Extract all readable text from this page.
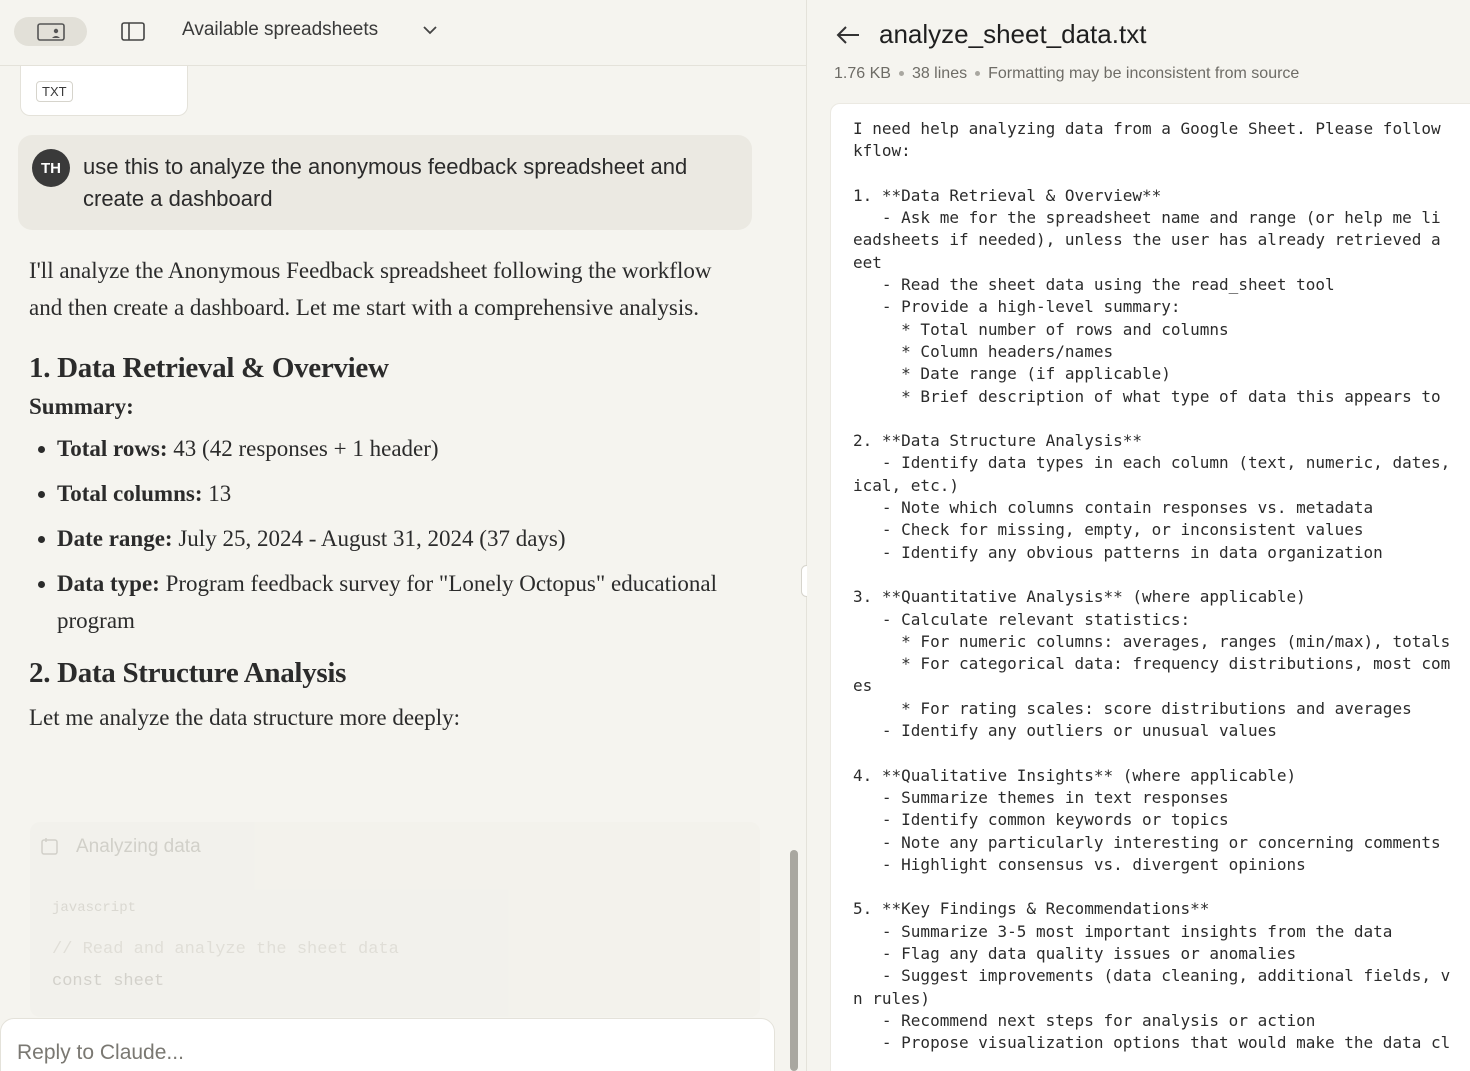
Available spreadsheets
TXT
TH	use this to analyze the anonymous feedback spreadsheet and create a dashboard

I'll analyze the Anonymous Feedback spreadsheet following the workflow and then create a dashboard. Let me start with a comprehensive analysis.

1. Data Retrieval & Overview
Summary:
Total rows: 43 (42 responses + 1 header)
Total columns: 13
Date range: July 25, 2024 - August 31, 2024 (37 days)
Data type: Program feedback survey for "Lonely Octopus" educational program
2. Data Structure Analysis

Let me analyze the data structure more deeply:

Analyzing data
javascript
// Read and analyze the sheet data
const sheet
Reply to Claude...
analyze_sheet_data.txt
1.76 KB 38 lines Formatting may be inconsistent from source
I need help analyzing data from a Google Sheet. Please follow
kflow:

1. **Data Retrieval & Overview**
- Ask me for the spreadsheet name and range (or help me li
eadsheets if needed), unless the user has already retrieved a
eet
- Read the sheet data using the read_sheet tool
- Provide a high-level summary:
* Total number of rows and columns
* Column headers/names
* Date range (if applicable)
* Brief description of what type of data this appears to

2. **Data Structure Analysis**
- Identify data types in each column (text, numeric, dates,
ical, etc.)
- Note which columns contain responses vs. metadata
- Check for missing, empty, or inconsistent values
- Identify any obvious patterns in data organization

3. **Quantitative Analysis** (where applicable)
- Calculate relevant statistics:
* For numeric columns: averages, ranges (min/max), totals
* For categorical data: frequency distributions, most com
es
* For rating scales: score distributions and averages
- Identify any outliers or unusual values

4. **Qualitative Insights** (where applicable)
- Summarize themes in text responses
- Identify common keywords or topics
- Note any particularly interesting or concerning comments
- Highlight consensus vs. divergent opinions

5. **Key Findings & Recommendations**
- Summarize 3-5 most important insights from the data
- Flag any data quality issues or anomalies
- Suggest improvements (data cleaning, additional fields, v
n rules)
- Recommend next steps for analysis or action
- Propose visualization options that would make the data cl
